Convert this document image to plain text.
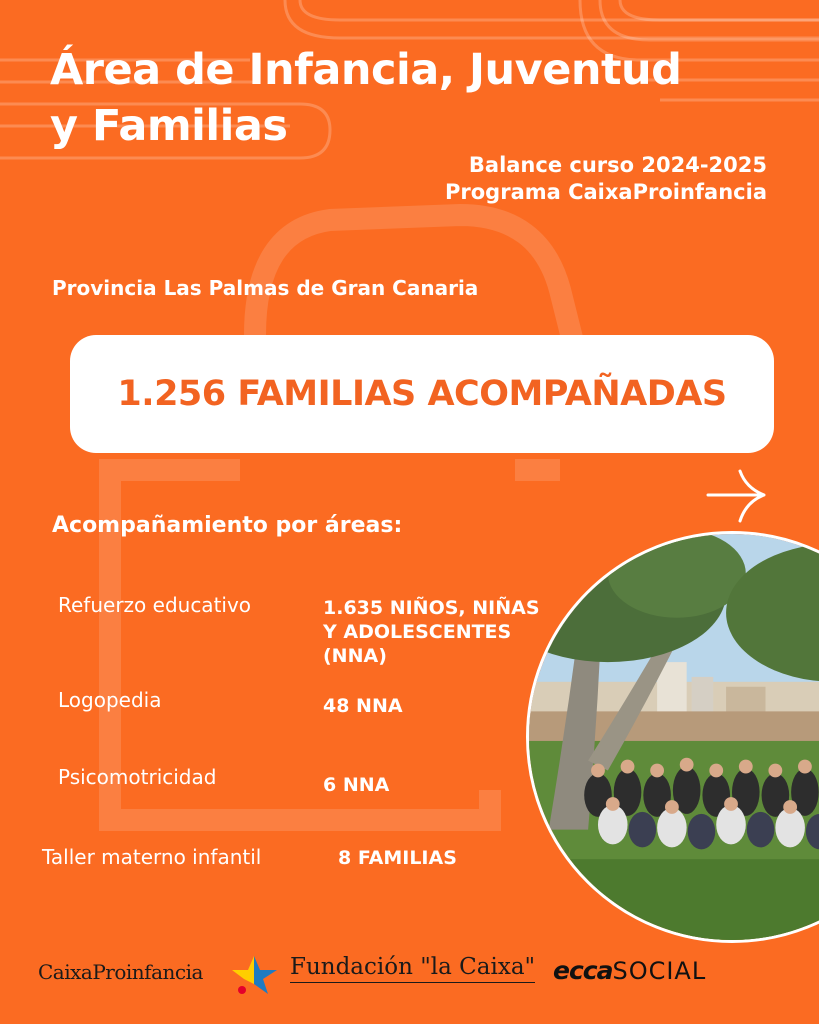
Área de Infancia, Juventud
y Familias
Balance curso 2024-2025
Programa CaixaProinfancia
Provincia Las Palmas de Gran Canaria
1.256 FAMILIAS ACOMPAÑADAS
Acompañamiento por áreas:
Refuerzo educativo	1.635 NIÑOS, NIÑAS
Y ADOLESCENTES
(NNA)
Logopedia	48 NNA
Psicomotricidad	6 NNA
Taller materno infantil	8 FAMILIAS
CaixaProinfancia	Fundación "la Caixa" eccaSOCIAL
